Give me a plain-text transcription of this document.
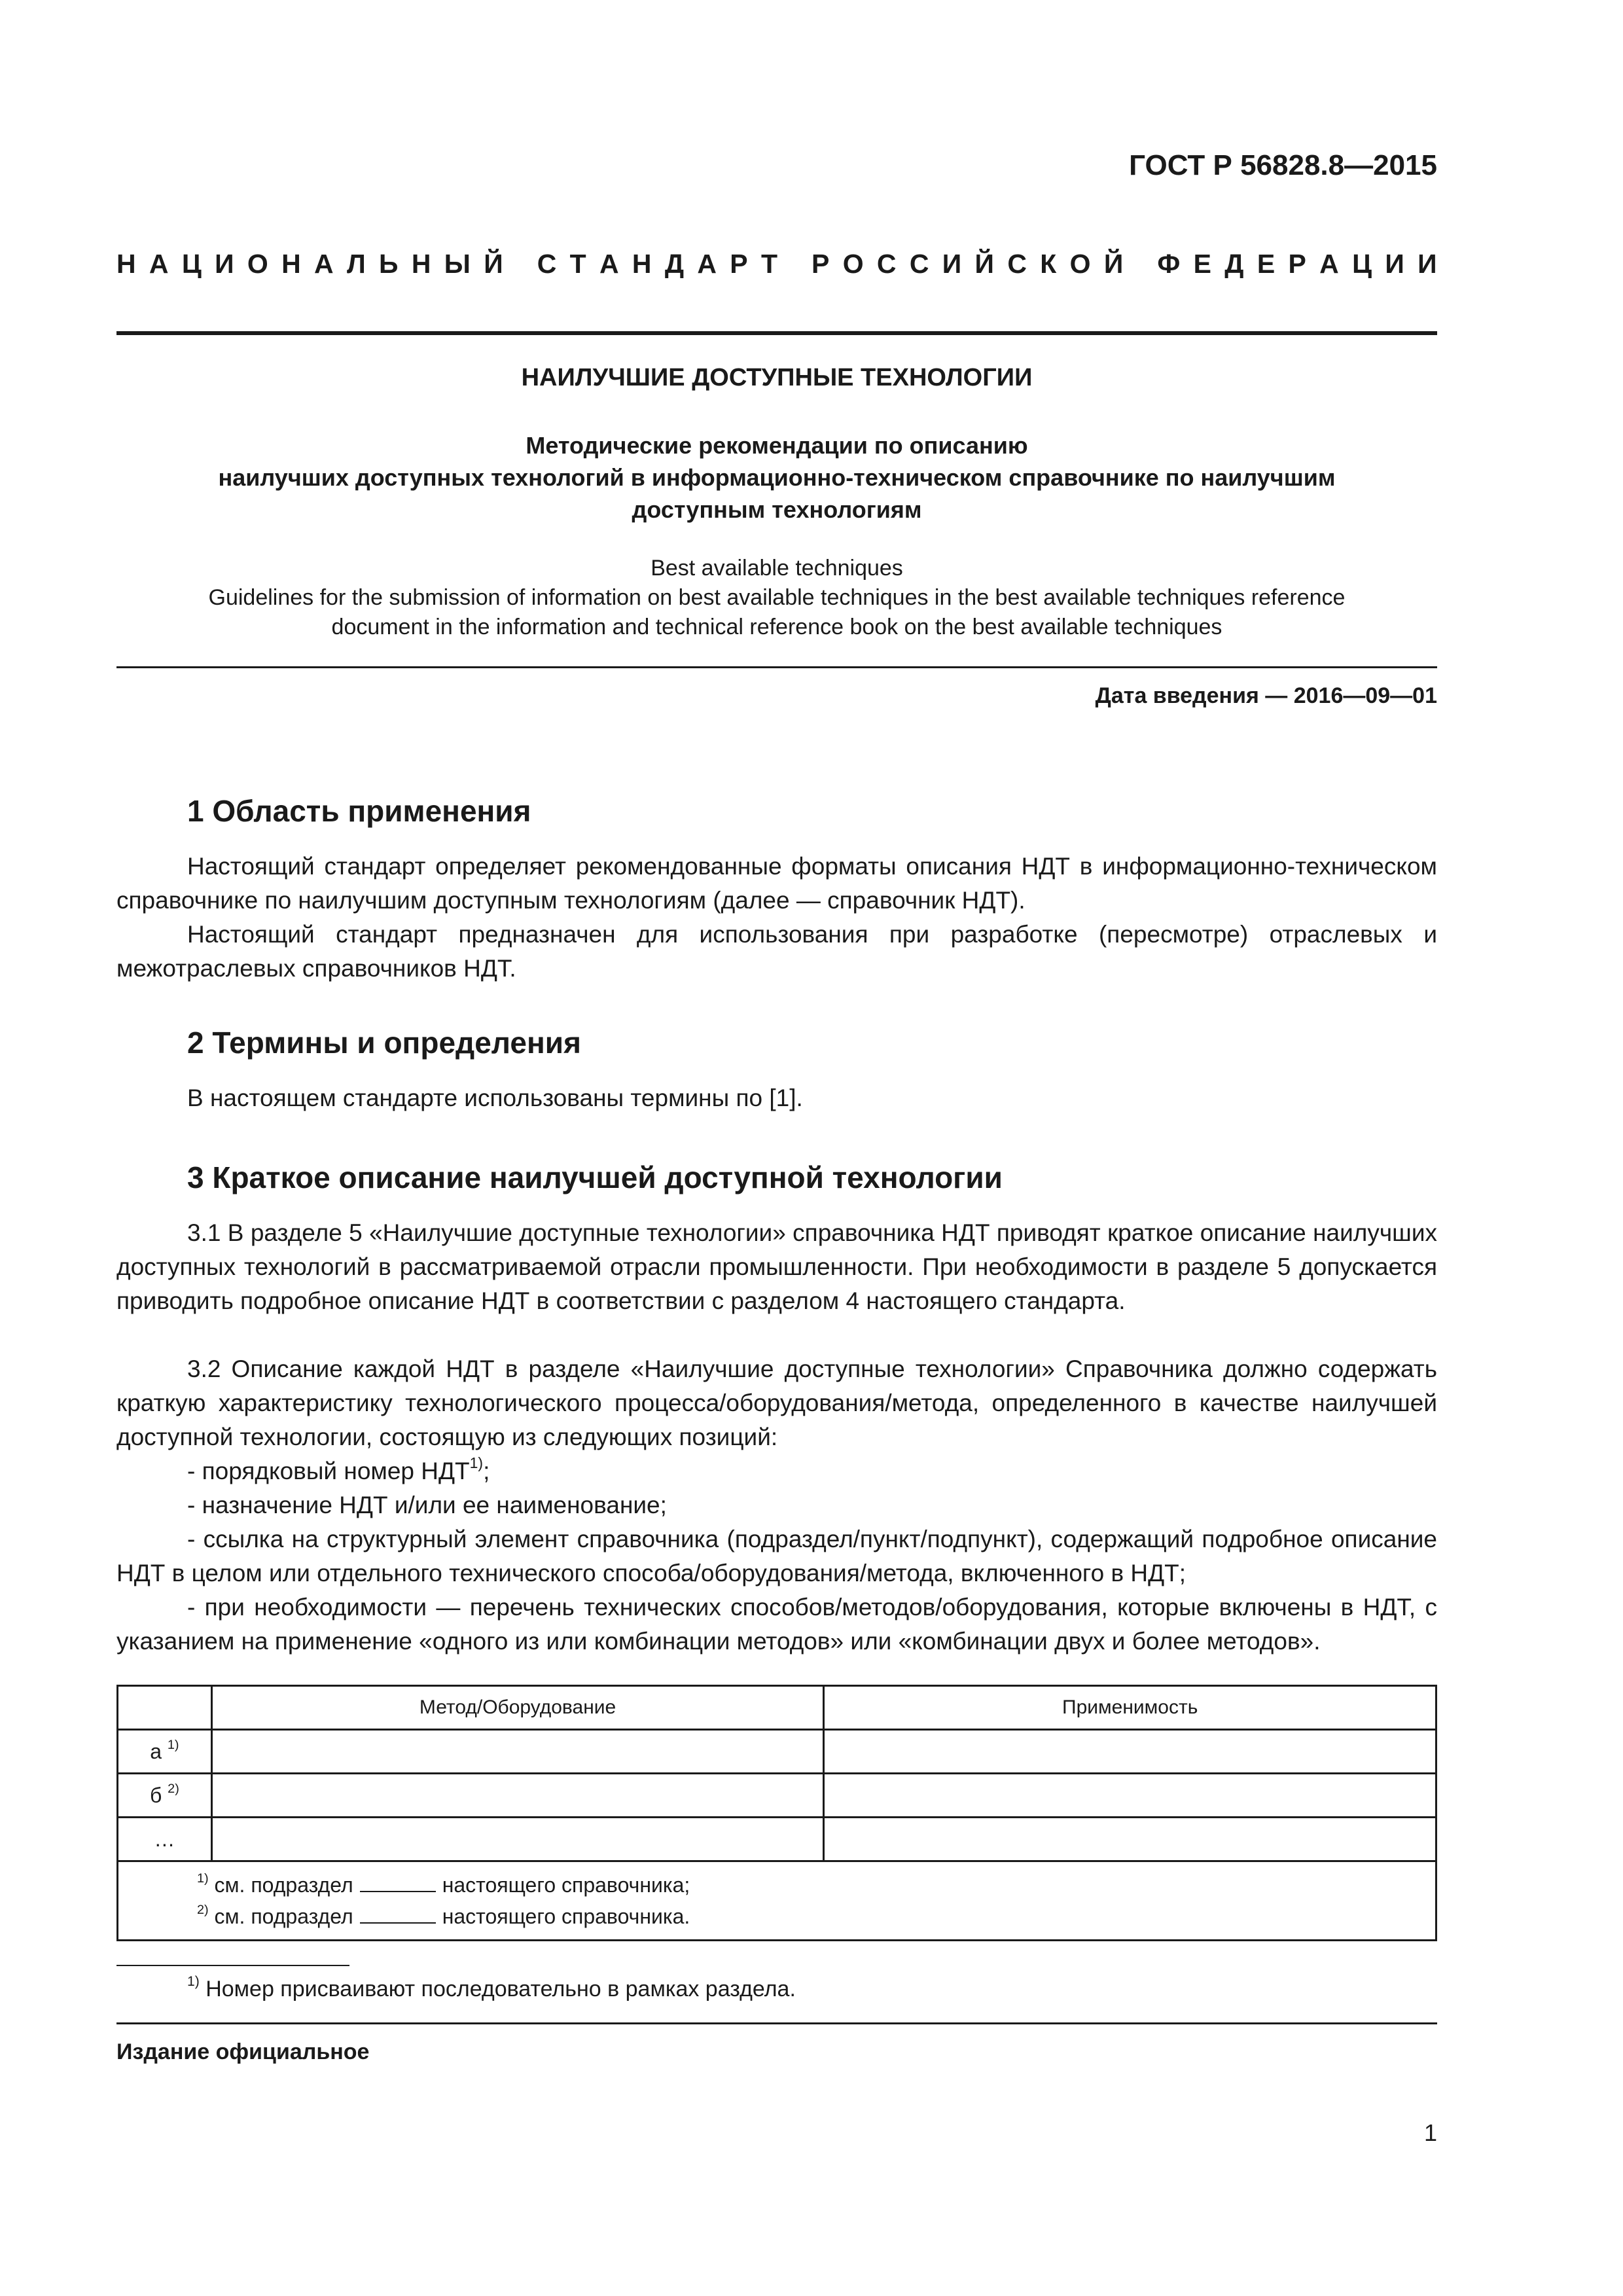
ГОСТ Р 56828.8—2015
Н А Ц И О Н А Л Ь Н Ы Й
С Т А Н Д А Р Т
Р О С С И Й С К О Й
Ф Е Д Е Р А Ц И И
НАИЛУЧШИЕ ДОСТУПНЫЕ ТЕХНОЛОГИИ
Методические рекомендации по описанию
наилучших доступных технологий в информационно-техническом справочнике по наилучшим
доступным технологиям
Best available techniques
Guidelines for the submission of information on best available techniques in the best available techniques reference
document in the information and technical reference book on the best available techniques
Дата введения — 2016—09—01
1 Область применения
Настоящий стандарт определяет рекомендованные форматы описания НДТ в информационно-техническом справочнике по наилучшим доступным технологиям (далее — справочник НДТ).
Настоящий стандарт предназначен для использования при разработке (пересмотре) отраслевых и межотраслевых справочников НДТ.
2 Термины и определения
В настоящем стандарте использованы термины по [1].
3 Краткое описание наилучшей доступной технологии
3.1 В разделе 5 «Наилучшие доступные технологии» справочника НДТ приводят краткое описание наилучших доступных технологий в рассматриваемой отрасли промышленности. При необходимости в разделе 5 допускается приводить подробное описание НДТ в соответствии с разделом 4 настоящего стандарта.
3.2 Описание каждой НДТ в разделе «Наилучшие доступные технологии» Справочника должно содержать краткую характеристику технологического процесса/оборудования/метода, определенного в качестве наилучшей доступной технологии, состоящую из следующих позиций:
- порядковый номер НДТ$^{1)}$;
- назначение НДТ и/или ее наименование;
- ссылка на структурный элемент справочника (подраздел/пункт/подпункт), содержащий подробное описание НДТ в целом или отдельного технического способа/оборудования/метода, включенного в НДТ;
- при необходимости — перечень технических способов/методов/оборудования, которые включены в НДТ, с указанием на применение «одного из или комбинации методов» или «комбинации двух и более методов».
	Метод/Оборудование	Применимость
а $^{1)}$		
б $^{2)}$		
…		

$^{1)}$ см. подраздел настоящего справочника;
$^{2)}$ см. подраздел настоящего справочника.		
$^{1)}$ Номер присваивают последовательно в рамках раздела.
Издание официальное
1
